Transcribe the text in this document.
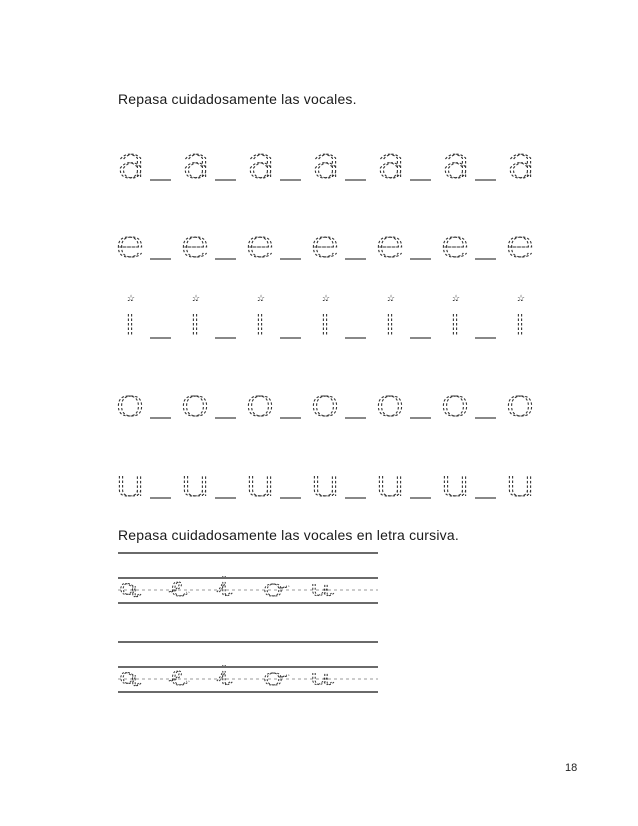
Repasa cuidadosamente las vocales.
☆	☆	☆	☆	☆	☆	☆
Repasa cuidadosamente las vocales en letra cursiva.
18
